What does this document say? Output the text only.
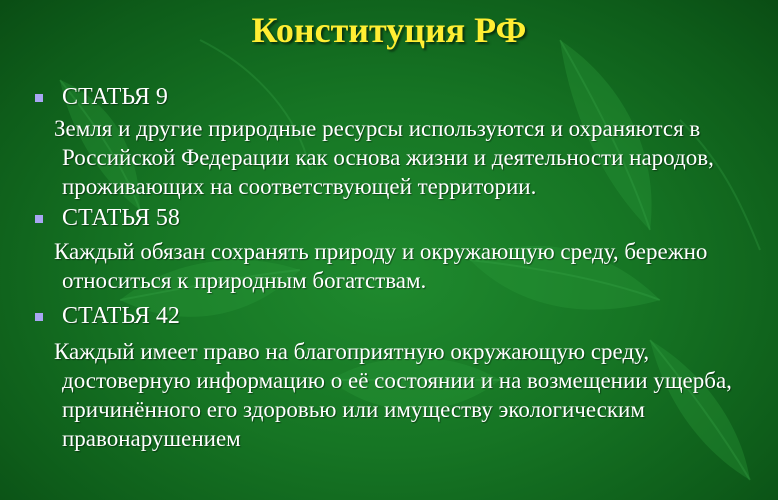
Конституция РФ
СТАТЬЯ 9

Земля и другие природные ресурсы используются и охраняются в Российской Федерации как основа жизни и деятельности народов, проживающих на соответствующей территории.

СТАТЬЯ 58

Каждый обязан сохранять природу и окружающую среду, бережно относиться к природным богатствам.

СТАТЬЯ 42

Каждый имеет право на благоприятную окружающую среду, достоверную информацию о её состоянии и на возмещении ущерба, причинённого его здоровью или имуществу экологическим правонарушением
